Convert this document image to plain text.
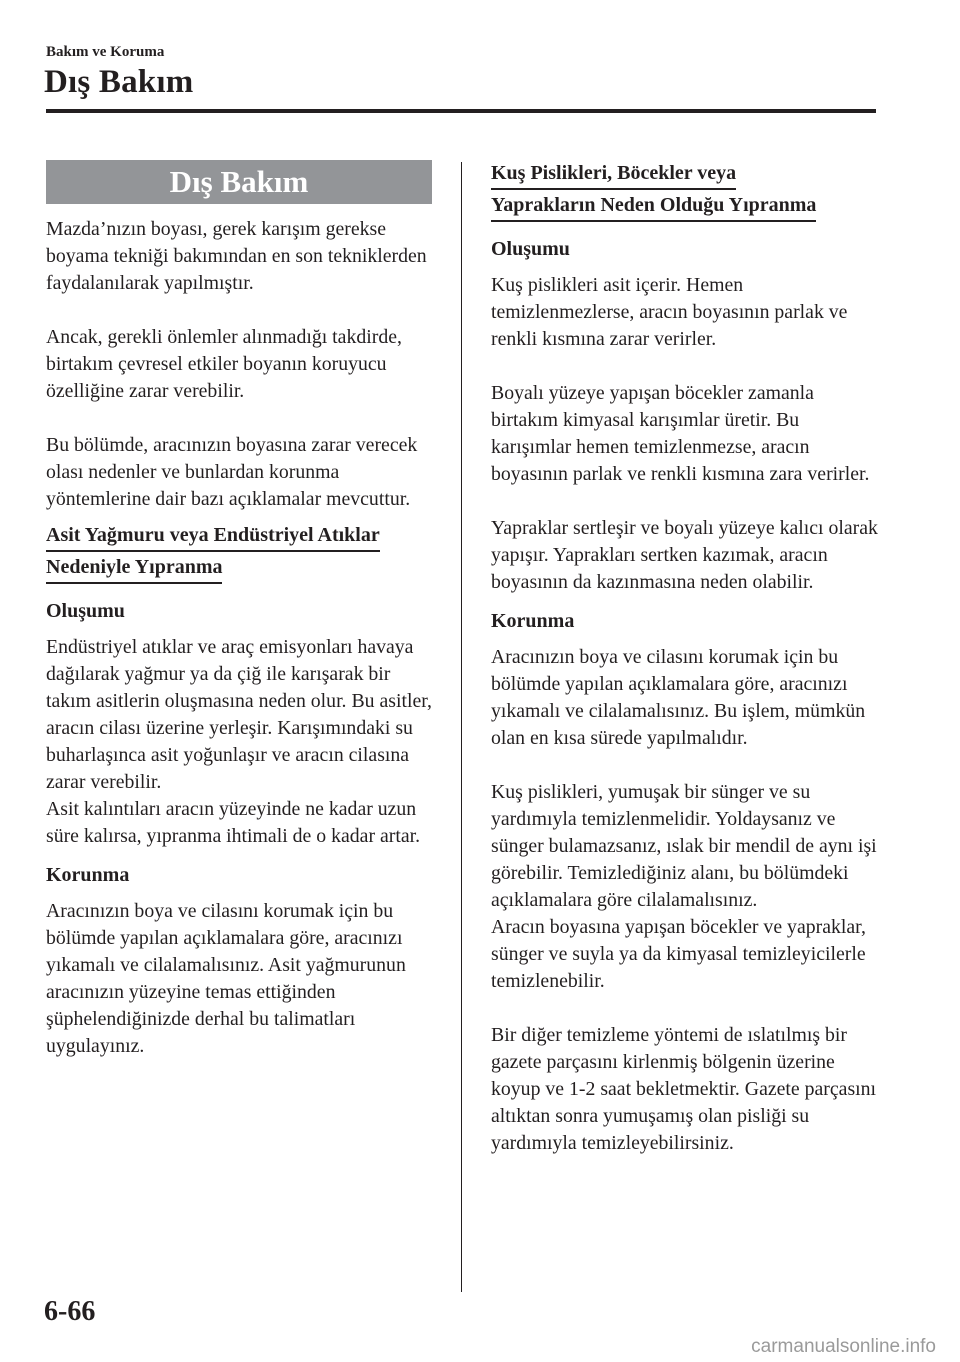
Bakım ve Koruma
Dış Bakım
Dış Bakım

Mazda’nızın boyası, gerek karışım gerekse boyama tekniği bakımından en son tekniklerden faydalanılarak yapılmıştır.

Ancak, gerekli önlemler alınmadığı takdirde, birtakım çevresel etkiler boyanın koruyucu özelliğine zarar verebilir.

Bu bölümde, aracınızın boyasına zarar verecek olası nedenler ve bunlardan korunma yöntemlerine dair bazı açıklamalar mevcuttur.

Asit Yağmuru veya Endüstriyel Atıklar
Nedeniyle Yıpranma
Oluşumu

Endüstriyel atıklar ve araç emisyonları havaya dağılarak yağmur ya da çiğ ile karışarak bir takım asitlerin oluşmasına neden olur. Bu asitler, aracın cilası üzerine yerleşir. Karışımındaki su buharlaşınca asit yoğunlaşır ve aracın cilasına zarar verebilir.

Asit kalıntıları aracın yüzeyinde ne kadar uzun süre kalırsa, yıpranma ihtimali de o kadar artar.

Korunma

Aracınızın boya ve cilasını korumak için bu bölümde yapılan açıklamalara göre, aracınızı yıkamalı ve cilalamalısınız. Asit yağmurunun aracınızın yüzeyine temas ettiğinden şüphelendiğinizde derhal bu talimatları uygulayınız.

Kuş Pislikleri, Böcekler veya
Yaprakların Neden Olduğu Yıpranma
Oluşumu

Kuş pislikleri asit içerir. Hemen temizlenmezlerse, aracın boyasının parlak ve renkli kısmına zarar verirler.

Boyalı yüzeye yapışan böcekler zamanla birtakım kimyasal karışımlar üretir. Bu karışımlar hemen temizlenmezse, aracın boyasının parlak ve renkli kısmına zara verirler.

Yapraklar sertleşir ve boyalı yüzeye kalıcı olarak yapışır. Yaprakları sertken kazımak, aracın boyasının da kazınmasına neden olabilir.

Korunma

Aracınızın boya ve cilasını korumak için bu bölümde yapılan açıklamalara göre, aracınızı yıkamalı ve cilalamalısınız. Bu işlem, mümkün olan en kısa sürede yapılmalıdır.

Kuş pislikleri, yumuşak bir sünger ve su yardımıyla temizlenmelidir. Yoldaysanız ve sünger bulamazsanız, ıslak bir mendil de aynı işi görebilir. Temizlediğiniz alanı, bu bölümdeki açıklamalara göre cilalamalısınız.

Aracın boyasına yapışan böcekler ve yapraklar, sünger ve suyla ya da kimyasal temizleyicilerle temizlenebilir.

Bir diğer temizleme yöntemi de ıslatılmış bir gazete parçasını kirlenmiş bölgenin üzerine koyup ve 1-2 saat bekletmektir. Gazete parçasını altıktan sonra yumuşamış olan pisliği su yardımıyla temizleyebilirsiniz.

6-66
carmanualsonline.info
